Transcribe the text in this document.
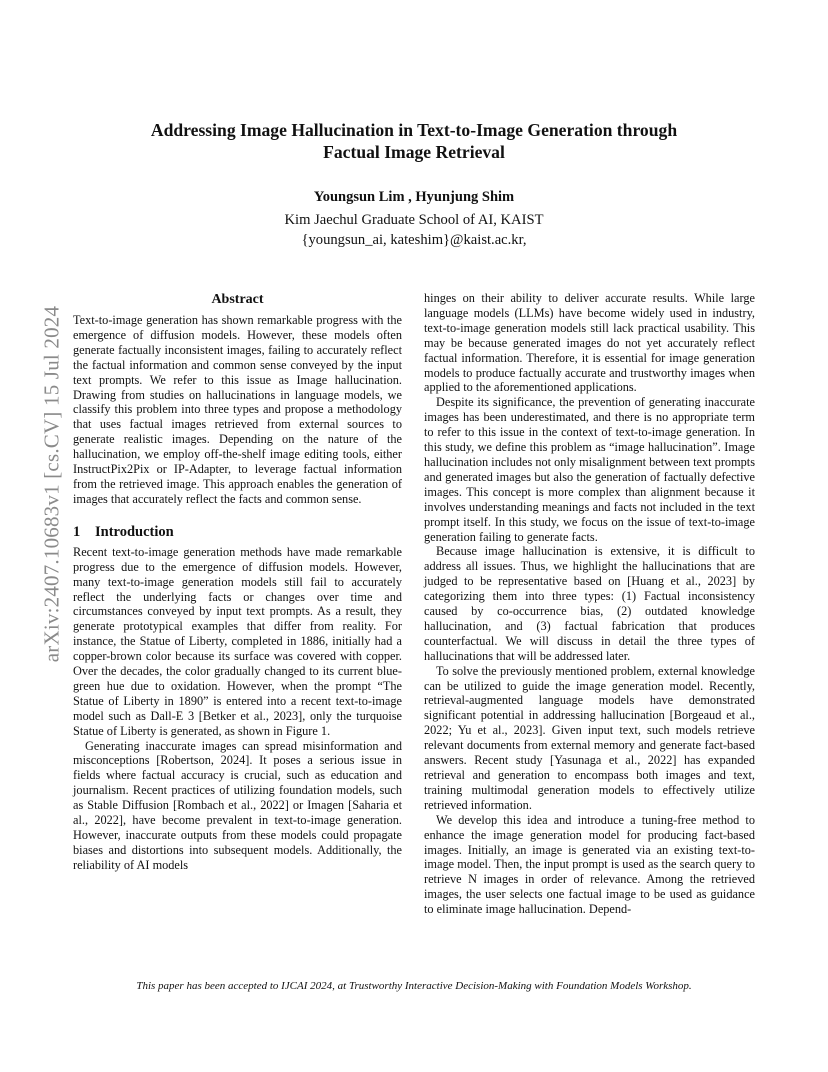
Addressing Image Hallucination in Text-to-Image Generation through
Factual Image Retrieval
Youngsun Lim , Hyunjung Shim
Kim Jaechul Graduate School of AI, KAIST
{youngsun_ai, kateshim}@kaist.ac.kr,
arXiv:2407.10683v1 [cs.CV] 15 Jul 2024
Abstract

Text-to-image generation has shown remarkable progress with the emergence of diffusion models. However, these models often generate factually inconsistent images, failing to accurately reflect the factual information and common sense conveyed by the input text prompts. We refer to this issue as Image hallucination. Drawing from studies on hallucinations in language models, we classify this problem into three types and propose a methodology that uses factual images retrieved from external sources to generate realistic images. Depending on the nature of the hallucination, we employ off-the-shelf image editing tools, either InstructPix2Pix or IP-Adapter, to leverage factual information from the retrieved image. This approach enables the generation of images that accurately reflect the facts and common sense.

1 Introduction

Recent text-to-image generation methods have made remarkable progress due to the emergence of diffusion models. However, many text-to-image generation models still fail to accurately reflect the underlying facts or changes over time and circumstances conveyed by input text prompts. As a result, they generate prototypical examples that differ from reality. For instance, the Statue of Liberty, completed in 1886, initially had a copper-brown color because its surface was covered with copper. Over the decades, the color gradually changed to its current blue-green hue due to oxidation. However, when the prompt “The Statue of Liberty in 1890” is entered into a recent text-to-image model such as Dall-E 3 [Betker et al., 2023], only the turquoise Statue of Liberty is generated, as shown in Figure 1.

Generating inaccurate images can spread misinformation and misconceptions [Robertson, 2024]. It poses a serious issue in fields where factual accuracy is crucial, such as education and journalism. Recent practices of utilizing foundation models, such as Stable Diffusion [Rombach et al., 2022] or Imagen [Saharia et al., 2022], have become prevalent in text-to-image generation. However, inaccurate outputs from these models could propagate biases and distortions into subsequent models. Additionally, the reliability of AI models

hinges on their ability to deliver accurate results. While large language models (LLMs) have become widely used in industry, text-to-image generation models still lack practical usability. This may be because generated images do not yet accurately reflect factual information. Therefore, it is essential for image generation models to produce factually accurate and trustworthy images when applied to the aforementioned applications.

Despite its significance, the prevention of generating inaccurate images has been underestimated, and there is no appropriate term to refer to this issue in the context of text-to-image generation. In this study, we define this problem as “image hallucination”. Image hallucination includes not only misalignment between text prompts and generated images but also the generation of factually defective images. This concept is more complex than alignment because it involves understanding meanings and facts not included in the text prompt itself. In this study, we focus on the issue of text-to-image generation failing to generate facts.

Because image hallucination is extensive, it is difficult to address all issues. Thus, we highlight the hallucinations that are judged to be representative based on [Huang et al., 2023] by categorizing them into three types: (1) Factual inconsistency caused by co-occurrence bias, (2) outdated knowledge hallucination, and (3) factual fabrication that produces counterfactual. We will discuss in detail the three types of hallucinations that will be addressed later.

To solve the previously mentioned problem, external knowledge can be utilized to guide the image generation model. Recently, retrieval-augmented language models have demonstrated significant potential in addressing hallucination [Borgeaud et al., 2022; Yu et al., 2023]. Given input text, such models retrieve relevant documents from external memory and generate fact-based answers. Recent study [Yasunaga et al., 2022] has expanded retrieval and generation to encompass both images and text, training multimodal generation models to effectively utilize retrieved information.

We develop this idea and introduce a tuning-free method to enhance the image generation model for producing fact-based images. Initially, an image is generated via an existing text-to-image model. Then, the input prompt is used as the search query to retrieve N images in order of relevance. Among the retrieved images, the user selects one factual image to be used as guidance to eliminate image hallucination. Depend-

This paper has been accepted to IJCAI 2024, at Trustworthy Interactive Decision-Making with Foundation Models Workshop.
